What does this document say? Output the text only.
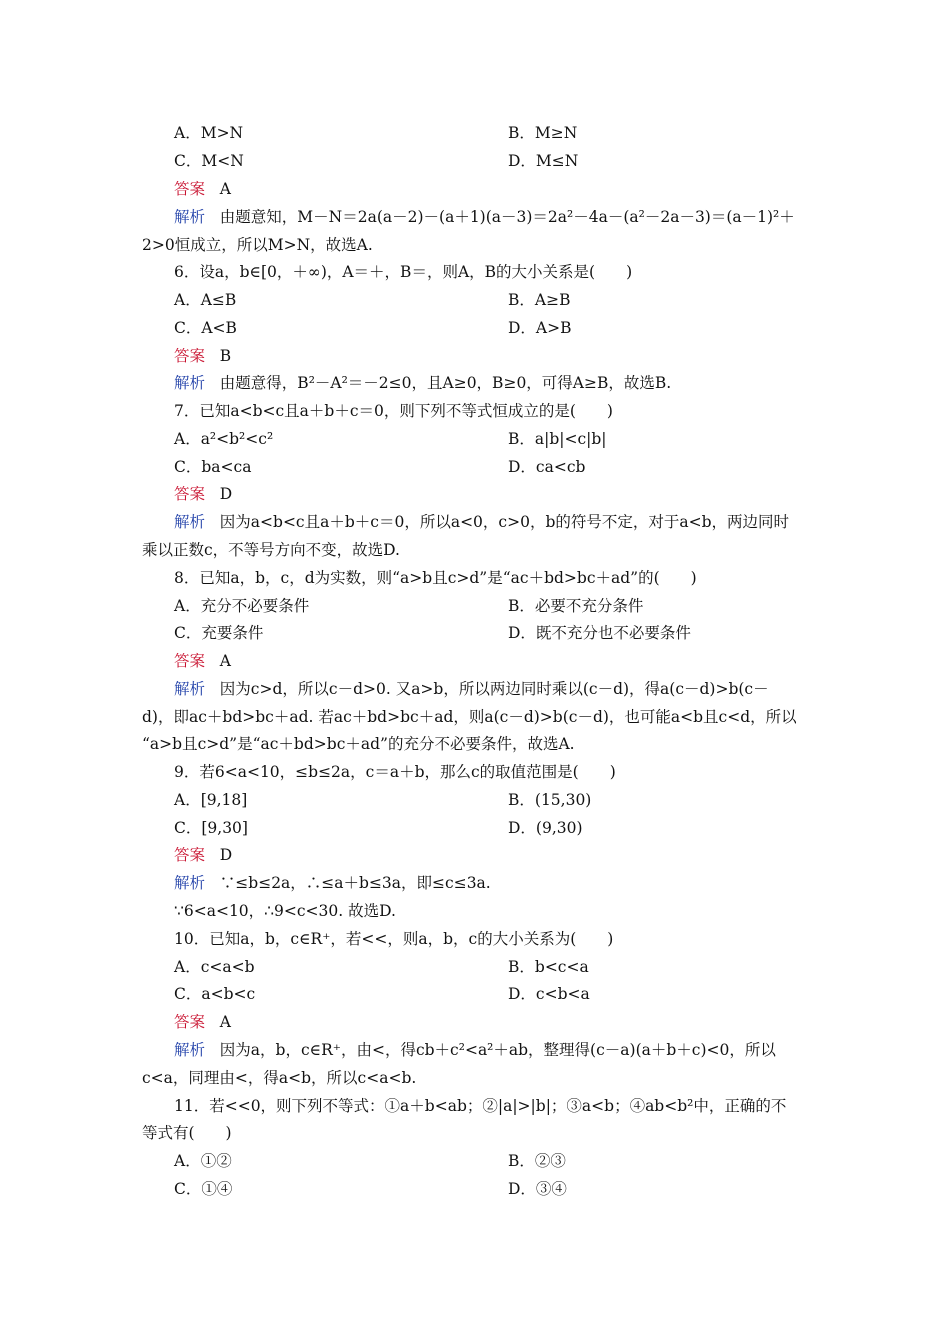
A．M>N	B．M≥N
C．M<N	D．M≤N
答案 A
解析 由题意知，M－N＝2a(a－2)－(a＋1)(a－3)＝2a²－4a－(a²－2a－3)＝(a－1)²＋
2>0恒成立，所以M>N，故选A.
6．设a，b∈[0，＋∞)，A＝＋，B＝，则A，B的大小关系是(　　)
A．A≤B	B．A≥B
C．A<B	D．A>B
答案 B
解析 由题意得，B²－A²＝－2≤0，且A≥0，B≥0，可得A≥B，故选B.
7．已知a<b<c且a＋b＋c＝0，则下列不等式恒成立的是(　　)
A．a²<b²<c²	B．a|b|<c|b|
C．ba<ca	D．ca<cb
答案 D
解析 因为a<b<c且a＋b＋c＝0，所以a<0，c>0，b的符号不定，对于a<b，两边同时
乘以正数c，不等号方向不变，故选D.
8．已知a，b，c，d为实数，则“a>b且c>d”是“ac＋bd>bc＋ad”的(　　)
A．充分不必要条件	B．必要不充分条件
C．充要条件	D．既不充分也不必要条件
答案 A
解析 因为c>d，所以c－d>0. 又a>b，所以两边同时乘以(c－d)，得a(c－d)>b(c－
d)，即ac＋bd>bc＋ad. 若ac＋bd>bc＋ad，则a(c－d)>b(c－d)，也可能a<b且c<d，所以
“a>b且c>d”是“ac＋bd>bc＋ad”的充分不必要条件，故选A.
9．若6<a<10，≤b≤2a，c＝a＋b，那么c的取值范围是(　　)
A．[9,18]	B．(15,30)
C．[9,30]	D．(9,30)
答案 D
解析 ∵≤b≤2a，∴≤a＋b≤3a，即≤c≤3a.
∵6<a<10，∴9<c<30. 故选D.
10．已知a，b，c∈R⁺，若<<，则a，b，c的大小关系为(　　)
A．c<a<b	B．b<c<a
C．a<b<c	D．c<b<a
答案 A
解析 因为a，b，c∈R⁺，由<，得cb＋c²<a²＋ab，整理得(c－a)(a＋b＋c)<0，所以
c<a，同理由<，得a<b，所以c<a<b.
11．若<<0，则下列不等式：①a＋b<ab；②|a|>|b|；③a<b；④ab<b²中，正确的不
等式有(　　)
A．①②	B．②③
C．①④	D．③④
